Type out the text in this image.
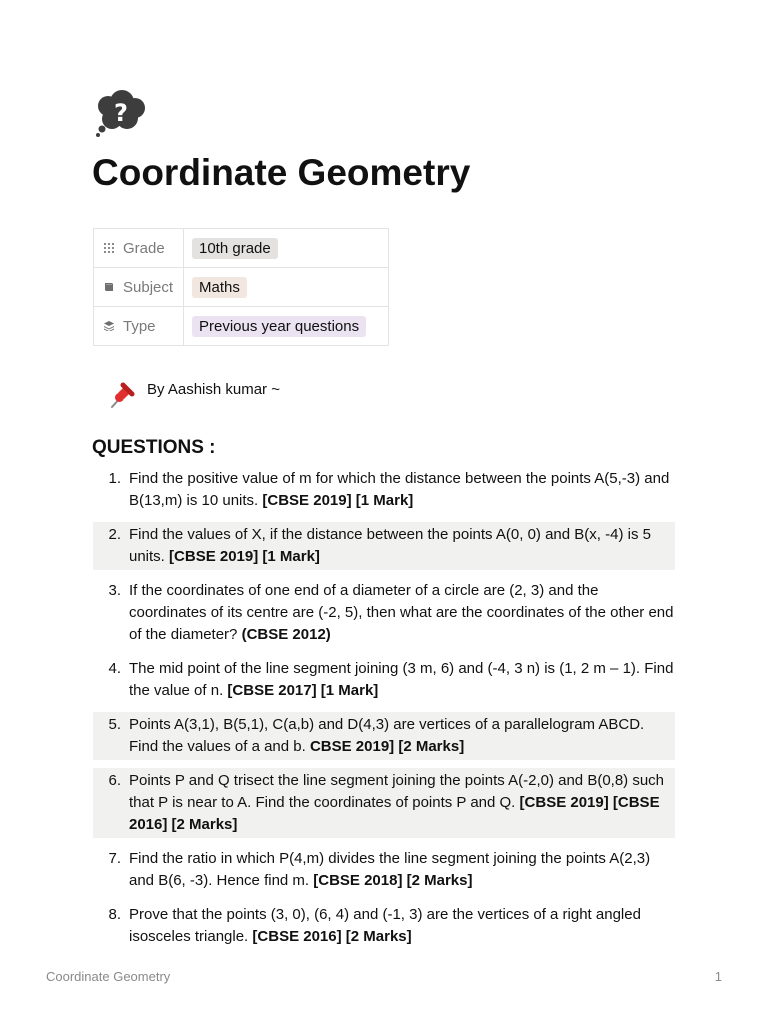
?
Coordinate Geometry
Grade	10th grade

Subject	Maths

Type	Previous year questions
By Aashish kumar ~
QUESTIONS :
1. Find the positive value of m for which the distance between the points A(5,-3) and B(13,m) is 10 units. [CBSE 2019] [1 Mark]
2. Find the values of X, if the distance between the points A(0, 0) and B(x, -4) is 5 units. [CBSE 2019] [1 Mark]
3. If the coordinates of one end of a diameter of a circle are (2, 3) and the coordinates of its centre are (-2, 5), then what are the coordinates of the other end of the diameter? (CBSE 2012)
4. The mid point of the line segment joining (3 m, 6) and (-4, 3 n) is (1, 2 m – 1). Find the value of n. [CBSE 2017] [1 Mark]
5. Points A(3,1), B(5,1), C(a,b) and D(4,3) are vertices of a parallelogram ABCD. Find the values of a and b. CBSE 2019] [2 Marks]
6. Points P and Q trisect the line segment joining the points A(-2,0) and B(0,8) such that P is near to A. Find the coordinates of points P and Q. [CBSE 2019] [CBSE 2016] [2 Marks]
7. Find the ratio in which P(4,m) divides the line segment joining the points A(2,3) and B(6, -3). Hence find m. [CBSE 2018] [2 Marks]
8. Prove that the points (3, 0), (6, 4) and (-1, 3) are the vertices of a right angled isosceles triangle. [CBSE 2016] [2 Marks]
Coordinate Geometry	1
